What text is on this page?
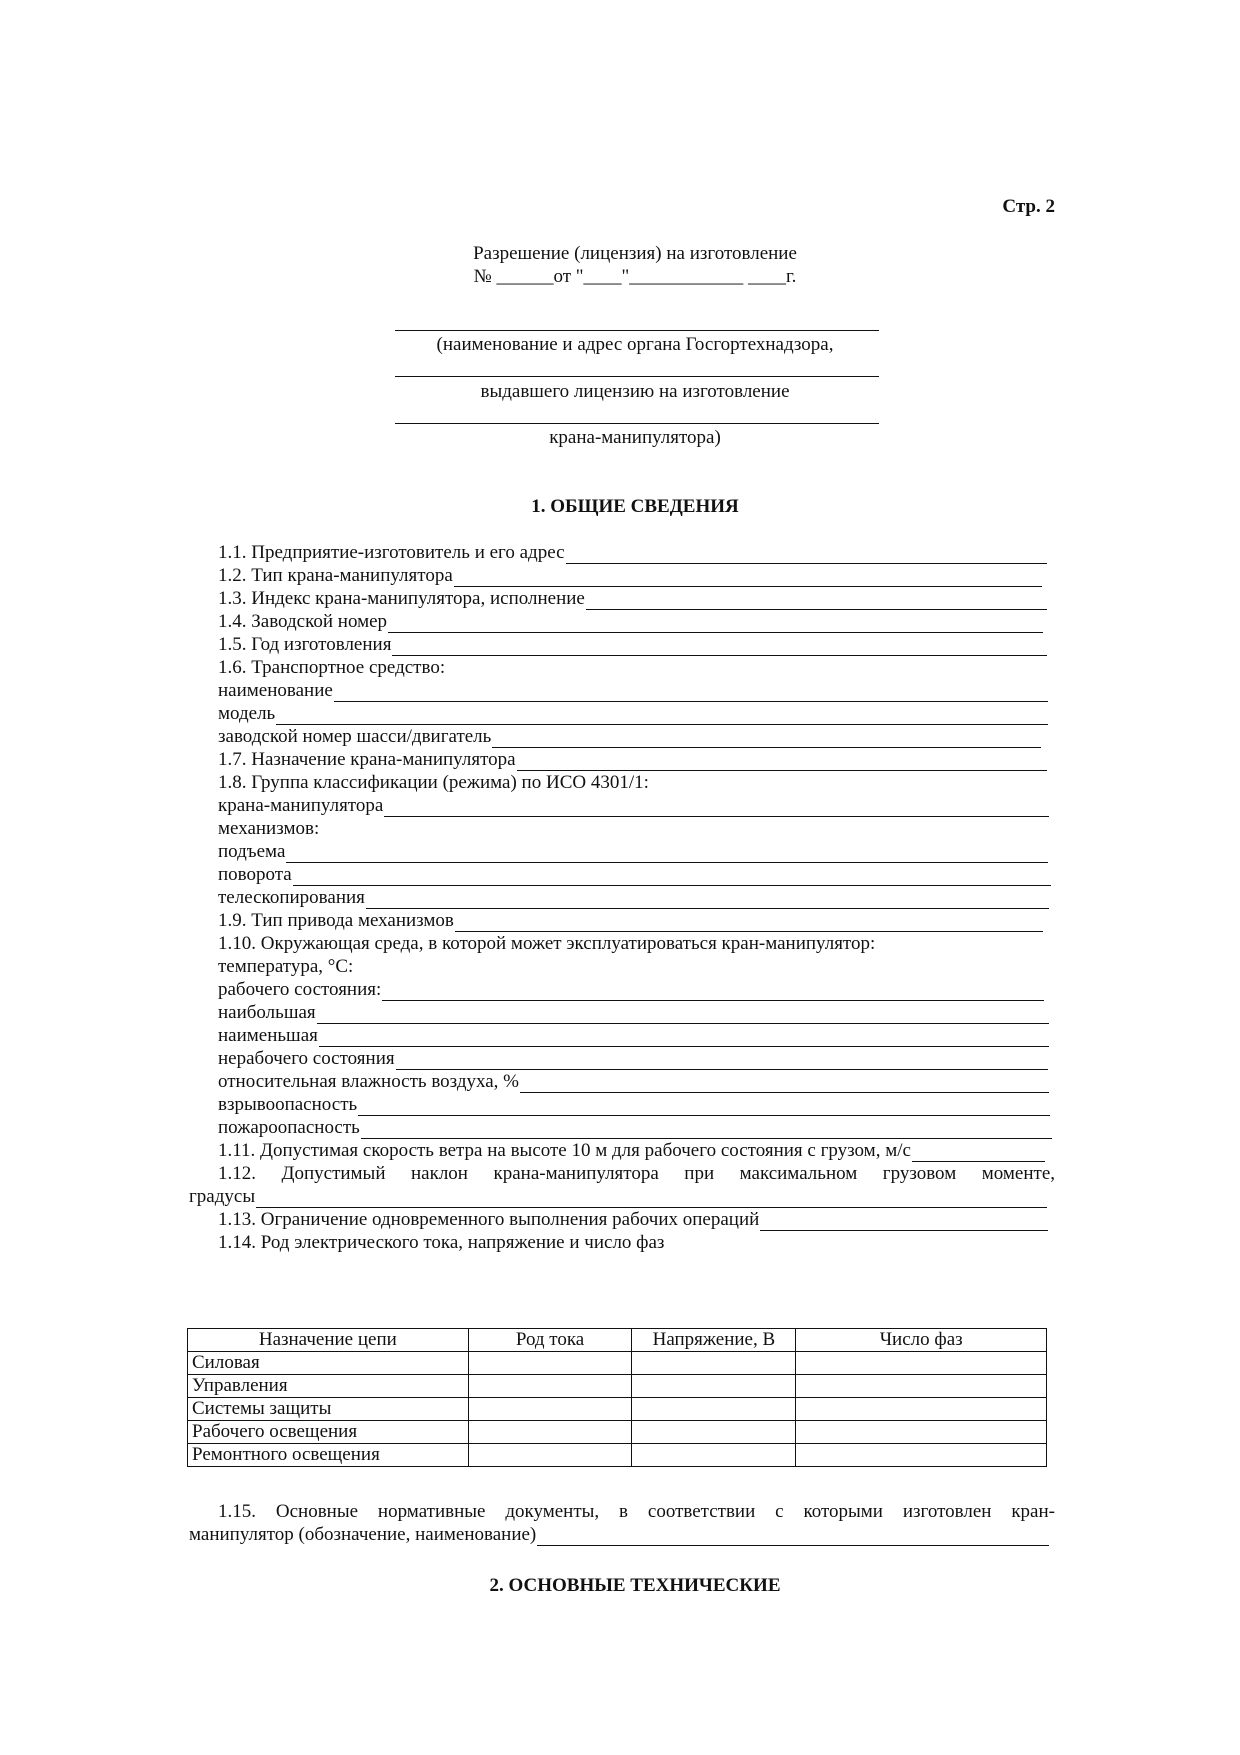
Стр. 2
Разрешение (лицензия) на изготовление
№ ______от "____"____________ ____г.
(наименование и адрес органа Госгортехнадзора,
выдавшего лицензию на изготовление
крана-манипулятора)
1. ОБЩИЕ СВЕДЕНИЯ
1.1. Предприятие-изготовитель и его адрес
1.2. Тип крана-манипулятора
1.3. Индекс крана-манипулятора, исполнение
1.4. Заводской номер
1.5. Год изготовления
1.6. Транспортное средство:
наименование
модель
заводской номер шасси/двигатель
1.7. Назначение крана-манипулятора
1.8. Группа классификации (режима) по ИСО 4301/1:
крана-манипулятора
механизмов:
подъема
поворота
телескопирования
1.9. Тип привода механизмов
1.10. Окружающая среда, в которой может эксплуатироваться кран-манипулятор:
температура, °С:
рабочего состояния:
наибольшая
наименьшая
нерабочего состояния
относительная влажность воздуха, %
взрывоопасность
пожароопасность
1.11. Допустимая скорость ветра на высоте 10 м для рабочего состояния с грузом, м/с
1.12. Допустимый наклон крана-манипулятора при максимальном грузовом моменте,
градусы
1.13. Ограничение одновременного выполнения рабочих операций
1.14. Род электрического тока, напряжение и число фаз
Назначение цепи	Род тока	Напряжение, В	Число фаз
Силовая			
Управления			
Системы защиты			
Рабочего освещения			
Ремонтного освещения			
1.15. Основные нормативные документы, в соответствии с которыми изготовлен кран-
манипулятор (обозначение, наименование)
2. ОСНОВНЫЕ ТЕХНИЧЕСКИЕ
